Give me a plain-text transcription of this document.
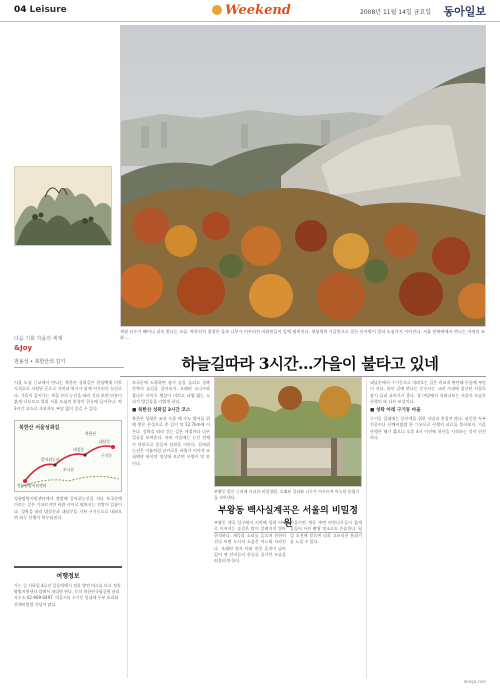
04 Leisure	Weekend	2008년 11월 14일 금요일 동아일보
세월 산수가 빼어나 더욱 빛나는 모습. 북한산의 절경은 돌과 나무가 어우러진 바위봉들이 앞에 펼쳐진다. 형형색색 가을빛으로 물든 산자락이 멀리 도심까지 이어진다. 서울 한복판에서 만나는 자연의 조화 …
다음 기회 가을의 세계
&Joy
전용성 • 북한산의 길기	하늘길따라 3시간…가을이 불타고 있네

서울 도심 근교에서 만나는 북한산 성곽길은 한성백제 이후 사적으로 지정된 곳으로 자연과 역사가 함께 어우러진 등산로다. 가을이 깊어가는 계절 산의 능선을 따라 걷다 보면 단풍이 붉게 타오르고 멀리 서울 도심의 풍경이 한눈에 들어온다. 약 3시간 코스로 초보자도 부담 없이 즐길 수 있다.

북한산 서울성곽길
정릉탐방지원센터
칼바위능선
보국문
대성문
대남문
구기동
북한산

정릉탐방지원센터에서 출발해 칼바위능선을 지나 보국문에 이르는 길은 가파르지만 바위 사이로 펼쳐지는 전망이 일품이다. 성곽을 따라 대성문과 대남문을 거쳐 구기동으로 내려오면 하루 산행이 마무리된다.

여행정보
가는 길 지하철 4호선 길음역에서 정릉 방면 버스를 타고 정릉탐방지원센터 앞에서 내리면 된다. 문의 북한산국립공원 관리사무소 02-909-0497. 먹을거리 구기동 일대에 두부 요리와 산채비빔밥 식당이 많다.

보국문에 도착하면 잠시 숨을 돌리고 성곽 안쪽의 숲길을 걸어보자. 오래된 소나무와 참나무 사이로 햇살이 비치고 낙엽 밟는 소리가 발걸음을 가볍게 한다.

■ 북한산 성곽길 3시간 코스

북한산 성곽은 조선 숙종 때 수도 방어를 위해 쌓은 산성으로 총 길이 약 12.7km에 이른다. 성곽을 따라 걷는 길은 계절마다 다른 얼굴을 보여준다. 특히 가을에는 능선 전체가 단풍으로 물들어 장관을 이룬다. 칼바위능선은 이름처럼 날카로운 바위가 이어져 조심해야 하지만 정상에 오르면 사방이 탁 트인다.

부왕동 암문 근처에 자리한 비밀정원. 오래된 성터와 나무가 어우러져 아늑한 분위기를 자아낸다.
부왕동 백사실계곡은 서울의 비밀정원

부왕동 계곡 입구에서 시작해 성곽 아래로 이어지는 숲길은 많이 알려지지 않아 한적하다. 계곡물 소리를 들으며 천천히 걷다 보면 도시의 소음은 어느새 사라진다. 오래된 정자 터와 연못 흔적이 남아 있어 옛 선비들이 풍류를 즐기던 모습을 떠올리게 한다.

가을이면 계곡 주변 단풍나무들이 붉게 물들어 사진 촬영 명소로도 손꼽힌다. 평일 오전에 찾으면 더욱 고즈넉한 분위기를 느낄 수 있다.

대남문에서 구기동으로 내려오는 길은 비교적 완만해 무릎에 부담이 적다. 하산 길에 만나는 문수사는 고려 시대에 창건된 사찰로 잠시 들러 쉬어가기 좋다. 절 마당에서 내려다보는 서울의 모습은 산행의 또 다른 보상이다.

■ 성곽 아래 구기동 마을

구기동 일대에는 등산객을 위한 식당과 찻집이 많다. 따뜻한 두부전골이나 산채비빔밥 한 그릇으로 산행의 피로를 풀어보자. 가을 산행은 해가 짧으니 오후 4시 이전에 하산을 시작하는 것이 안전하다.

donga.com
